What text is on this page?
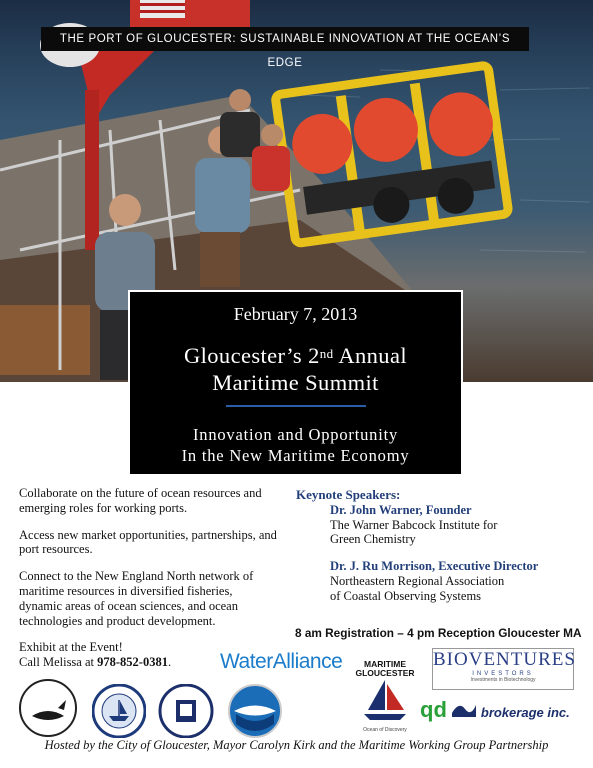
THE PORT OF GLOUCESTER: SUSTAINABLE INNOVATION AT THE OCEAN’S EDGE
February 7, 2013
Gloucester’s 2nd Annual
Maritime Summit
Innovation and Opportunity
In the New Maritime Economy

Collaborate on the future of ocean resources and emerging roles for working ports.

Access new market opportunities, partnerships, and port resources.

Connect to the New England North network of maritime resources in diversified fisheries, dynamic areas of ocean sciences, and ocean technologies and product development.

Exhibit at the Event!

Call Melissa at 978-852-0381.

Keynote Speakers:
Dr. John Warner, Founder
The Warner Babcock Institute for
Green Chemistry
Dr. J. Ru Morrison, Executive Director
Northeastern Regional Association
of Coastal Observing Systems
8 am Registration – 4 pm Reception Gloucester MA
WaterAlliance	MARITIME GLOUCESTER
Ocean of Discovery
BIOVENTURES
INVESTORS
Investments in Biotechnology
qd	brokerage inc.
Hosted by the City of Gloucester, Mayor Carolyn Kirk and the Maritime Working Group Partnership
